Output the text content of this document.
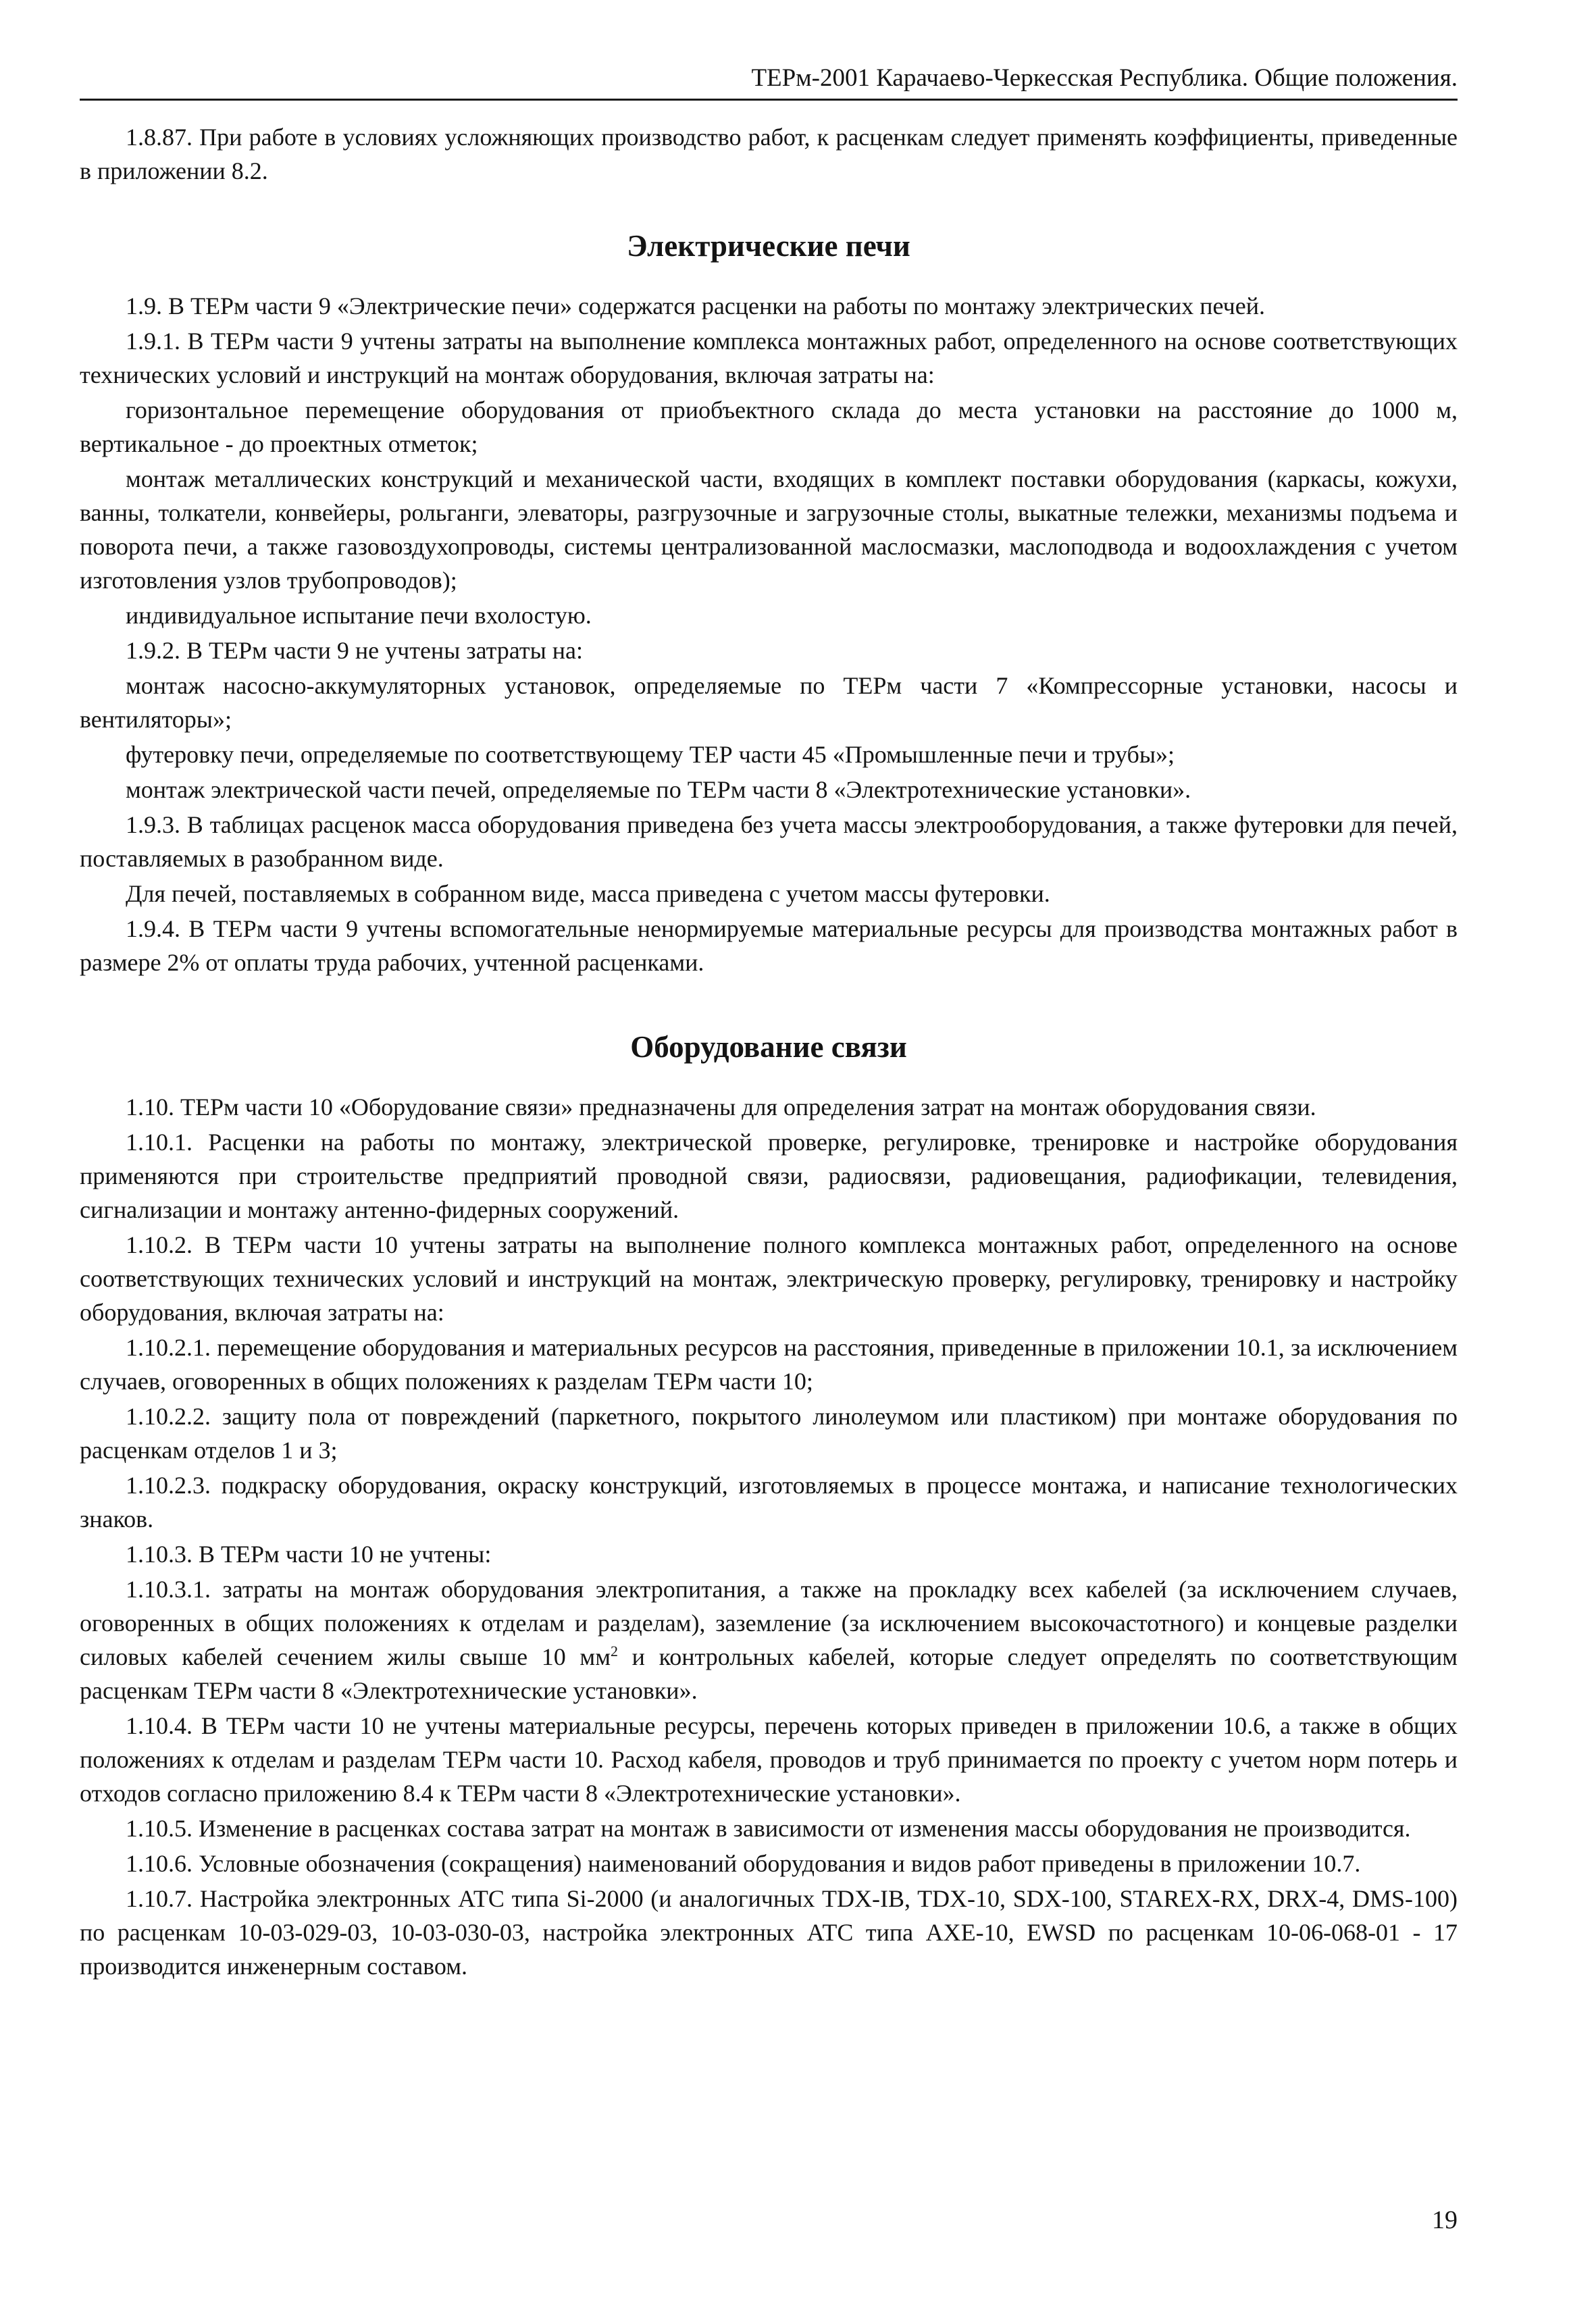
ТЕРм-2001 Карачаево-Черкесская Республика. Общие положения.

1.8.87. При работе в условиях усложняющих производство работ, к расценкам следует применять коэффициенты, приведенные в приложении 8.2.

Электрические печи

1.9. В ТЕРм части 9 «Электрические печи» содержатся расценки на работы по монтажу электрических печей.

1.9.1. В ТЕРм части 9 учтены затраты на выполнение комплекса монтажных работ, определенного на основе соответствующих технических условий и инструкций на монтаж оборудования, включая затраты на:

горизонтальное перемещение оборудования от приобъектного склада до места установки на расстояние до 1000 м, вертикальное - до проектных отметок;

монтаж металлических конструкций и механической части, входящих в комплект поставки оборудования (каркасы, кожухи, ванны, толкатели, конвейеры, рольганги, элеваторы, разгрузочные и загрузочные столы, выкатные тележки, механизмы подъема и поворота печи, а также газовоздухопроводы, системы централизованной маслосмазки, маслоподвода и водоохлаждения с учетом изготовления узлов трубопроводов);

индивидуальное испытание печи вхолостую.

1.9.2. В ТЕРм части 9 не учтены затраты на:

монтаж насосно-аккумуляторных установок, определяемые по ТЕРм части 7 «Компрессорные установки, насосы и вентиляторы»;

футеровку печи, определяемые по соответствующему ТЕР части 45 «Промышленные печи и трубы»;

монтаж электрической части печей, определяемые по ТЕРм части 8 «Электротехнические установки».

1.9.3. В таблицах расценок масса оборудования приведена без учета массы электрооборудования, а также футеровки для печей, поставляемых в разобранном виде.

Для печей, поставляемых в собранном виде, масса приведена с учетом массы футеровки.

1.9.4. В ТЕРм части 9 учтены вспомогательные ненормируемые материальные ресурсы для производства монтажных работ в размере 2% от оплаты труда рабочих, учтенной расценками.

Оборудование связи

1.10. ТЕРм части 10 «Оборудование связи» предназначены для определения затрат на монтаж оборудования связи.

1.10.1. Расценки на работы по монтажу, электрической проверке, регулировке, тренировке и настройке оборудования применяются при строительстве предприятий проводной связи, радиосвязи, радиовещания, радиофикации, телевидения, сигнализации и монтажу антенно-фидерных сооружений.

1.10.2. В ТЕРм части 10 учтены затраты на выполнение полного комплекса монтажных работ, определенного на основе соответствующих технических условий и инструкций на монтаж, электрическую проверку, регулировку, тренировку и настройку оборудования, включая затраты на:

1.10.2.1. перемещение оборудования и материальных ресурсов на расстояния, приведенные в приложении 10.1, за исключением случаев, оговоренных в общих положениях к разделам ТЕРм части 10;

1.10.2.2. защиту пола от повреждений (паркетного, покрытого линолеумом или пластиком) при монтаже оборудования по расценкам отделов 1 и 3;

1.10.2.3. подкраску оборудования, окраску конструкций, изготовляемых в процессе монтажа, и написание технологических знаков.

1.10.3. В ТЕРм части 10 не учтены:

1.10.3.1. затраты на монтаж оборудования электропитания, а также на прокладку всех кабелей (за исключением случаев, оговоренных в общих положениях к отделам и разделам), заземление (за исключением высокочастотного) и концевые разделки силовых кабелей сечением жилы свыше 10 $мм^2$ и контрольных кабелей, которые следует определять по соответствующим расценкам ТЕРм части 8 «Электротехнические установки».

1.10.4. В ТЕРм части 10 не учтены материальные ресурсы, перечень которых приведен в приложении 10.6, а также в общих положениях к отделам и разделам ТЕРм части 10. Расход кабеля, проводов и труб принимается по проекту с учетом норм потерь и отходов согласно приложению 8.4 к ТЕРм части 8 «Электротехнические установки».

1.10.5. Изменение в расценках состава затрат на монтаж в зависимости от изменения массы оборудования не производится.

1.10.6. Условные обозначения (сокращения) наименований оборудования и видов работ приведены в приложении 10.7.

1.10.7. Настройка электронных АТС типа Si-2000 (и аналогичных TDX-IB, TDX-10, SDX-100, STAREX-RX, DRX-4, DMS-100) по расценкам 10-03-029-03, 10-03-030-03, настройка электронных АТС типа AXE-10, EWSD по расценкам 10-06-068-01 - 17 производится инженерным составом.

19
